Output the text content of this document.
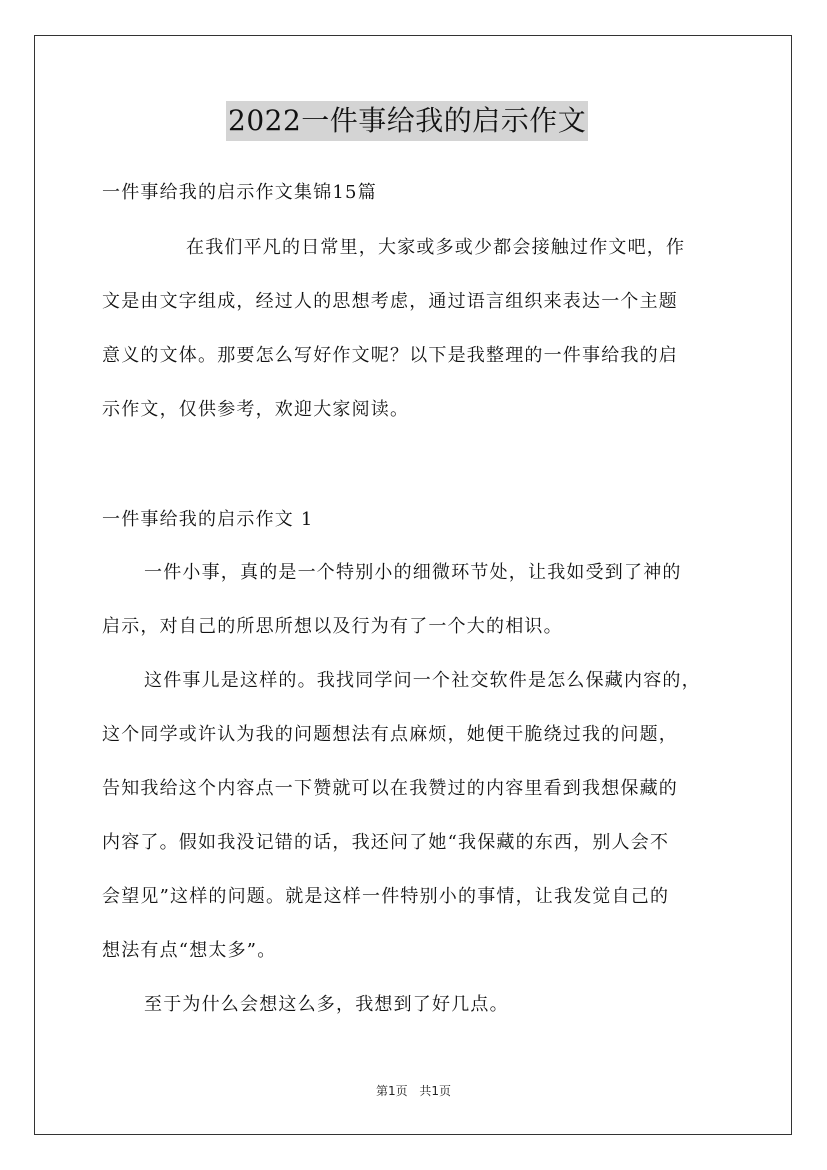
2022一件事给我的启示作文
一件事给我的启示作文集锦15篇
在我们平凡的日常里，大家或多或少都会接触过作文吧，作
文是由文字组成，经过人的思想考虑，通过语言组织来表达一个主题
意义的文体。那要怎么写好作文呢？以下是我整理的一件事给我的启
示作文，仅供参考，欢迎大家阅读。
一件事给我的启示作文 1
一件小事，真的是一个特别小的细微环节处，让我如受到了神的
启示，对自己的所思所想以及行为有了一个大的相识。
这件事儿是这样的。我找同学问一个社交软件是怎么保藏内容的，
这个同学或许认为我的问题想法有点麻烦，她便干脆绕过我的问题，
告知我给这个内容点一下赞就可以在我赞过的内容里看到我想保藏的
内容了。假如我没记错的话，我还问了她“我保藏的东西，别人会不
会望见”这样的问题。就是这样一件特别小的事情，让我发觉自己的
想法有点“想太多”。
至于为什么会想这么多，我想到了好几点。
第1页 共1页
